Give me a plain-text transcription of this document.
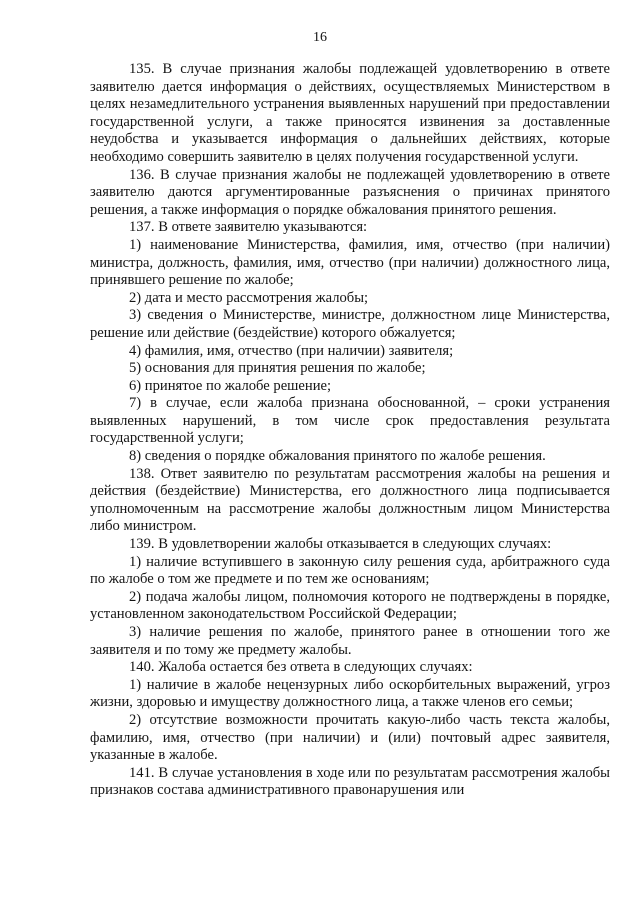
16

135. В случае признания жалобы подлежащей удовлетворению в ответе заявителю дается информация о действиях, осуществляемых Министерством в целях незамедлительного устранения выявленных нарушений при предоставлении государственной услуги, а также приносятся извинения за доставленные неудобства и указывается информация о дальнейших действиях, которые необходимо совершить заявителю в целях получения государственной услуги.

136. В случае признания жалобы не подлежащей удовлетворению в ответе заявителю даются аргументированные разъяснения о причинах принятого решения, а также информация о порядке обжалования принятого решения.

137. В ответе заявителю указываются:

1) наименование Министерства, фамилия, имя, отчество (при наличии) министра, должность, фамилия, имя, отчество (при наличии) должностного лица, принявшего решение по жалобе;

2) дата и место рассмотрения жалобы;

3) сведения о Министерстве, министре, должностном лице Министерства, решение или действие (бездействие) которого обжалуется;

4) фамилия, имя, отчество (при наличии) заявителя;

5) основания для принятия решения по жалобе;

6) принятое по жалобе решение;

7) в случае, если жалоба признана обоснованной, – сроки устранения выявленных нарушений, в том числе срок предоставления результата государственной услуги;

8) сведения о порядке обжалования принятого по жалобе решения.

138. Ответ заявителю по результатам рассмотрения жалобы на решения и действия (бездействие) Министерства, его должностного лица подписывается уполномоченным на рассмотрение жалобы должностным лицом Министерства либо министром.

139. В удовлетворении жалобы отказывается в следующих случаях:

1) наличие вступившего в законную силу решения суда, арбитражного суда по жалобе о том же предмете и по тем же основаниям;

2) подача жалобы лицом, полномочия которого не подтверждены в порядке, установленном законодательством Российской Федерации;

3) наличие решения по жалобе, принятого ранее в отношении того же заявителя и по тому же предмету жалобы.

140. Жалоба остается без ответа в следующих случаях:

1) наличие в жалобе нецензурных либо оскорбительных выражений, угроз жизни, здоровью и имуществу должностного лица, а также членов его семьи;

2) отсутствие возможности прочитать какую-либо часть текста жалобы, фамилию, имя, отчество (при наличии) и (или) почтовый адрес заявителя, указанные в жалобе.

141. В случае установления в ходе или по результатам рассмотрения жалобы признаков состава административного правонарушения или
